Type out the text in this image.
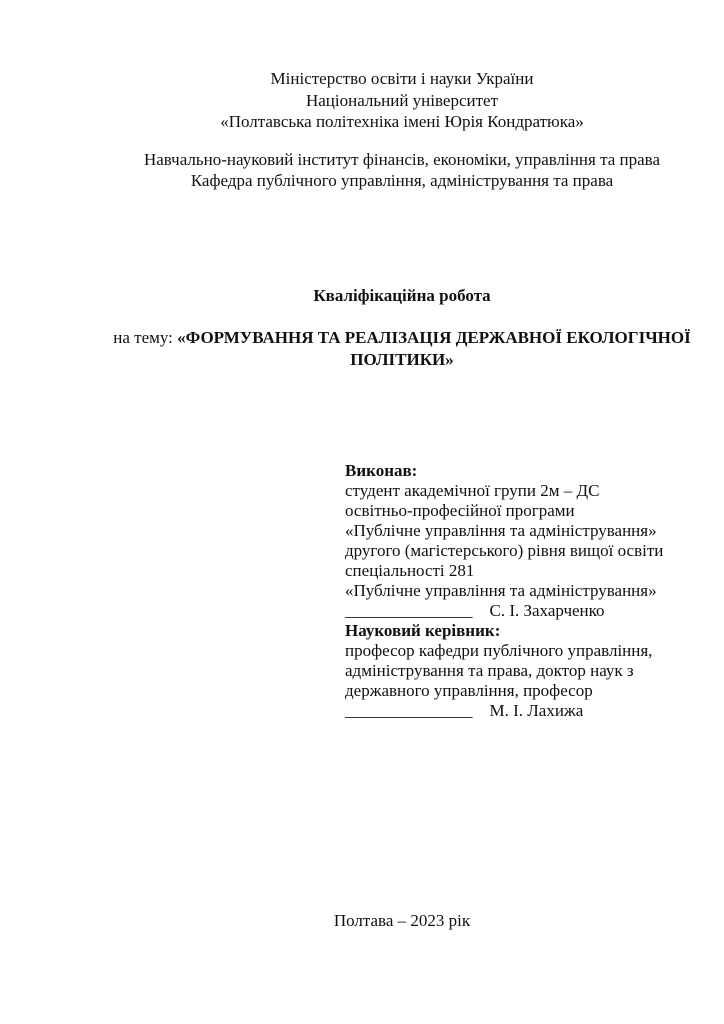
Міністерство освіти і науки України
Національний університет
«Полтавська політехніка імені Юрія Кондратюка»
Навчально-науковий інститут фінансів, економіки, управління та права
Кафедра публічного управління, адміністрування та права
Кваліфікаційна робота
на тему: «ФОРМУВАННЯ ТА РЕАЛІЗАЦІЯ ДЕРЖАВНОЇ ЕКОЛОГІЧНОЇ
ПОЛІТИКИ»
Виконав:
студент академічної групи 2м – ДС
освітньо-професійної програми
«Публічне управління та адміністрування»
другого (магістерського) рівня вищої освіти
спеціальності 281
«Публічне управління та адміністрування»
_______________ С. І. Захарченко
Науковий керівник:
професор кафедри публічного управління,
адміністрування та права, доктор наук з
державного управління, професор
_______________ М. І. Лахижа
Полтава – 2023 рік
